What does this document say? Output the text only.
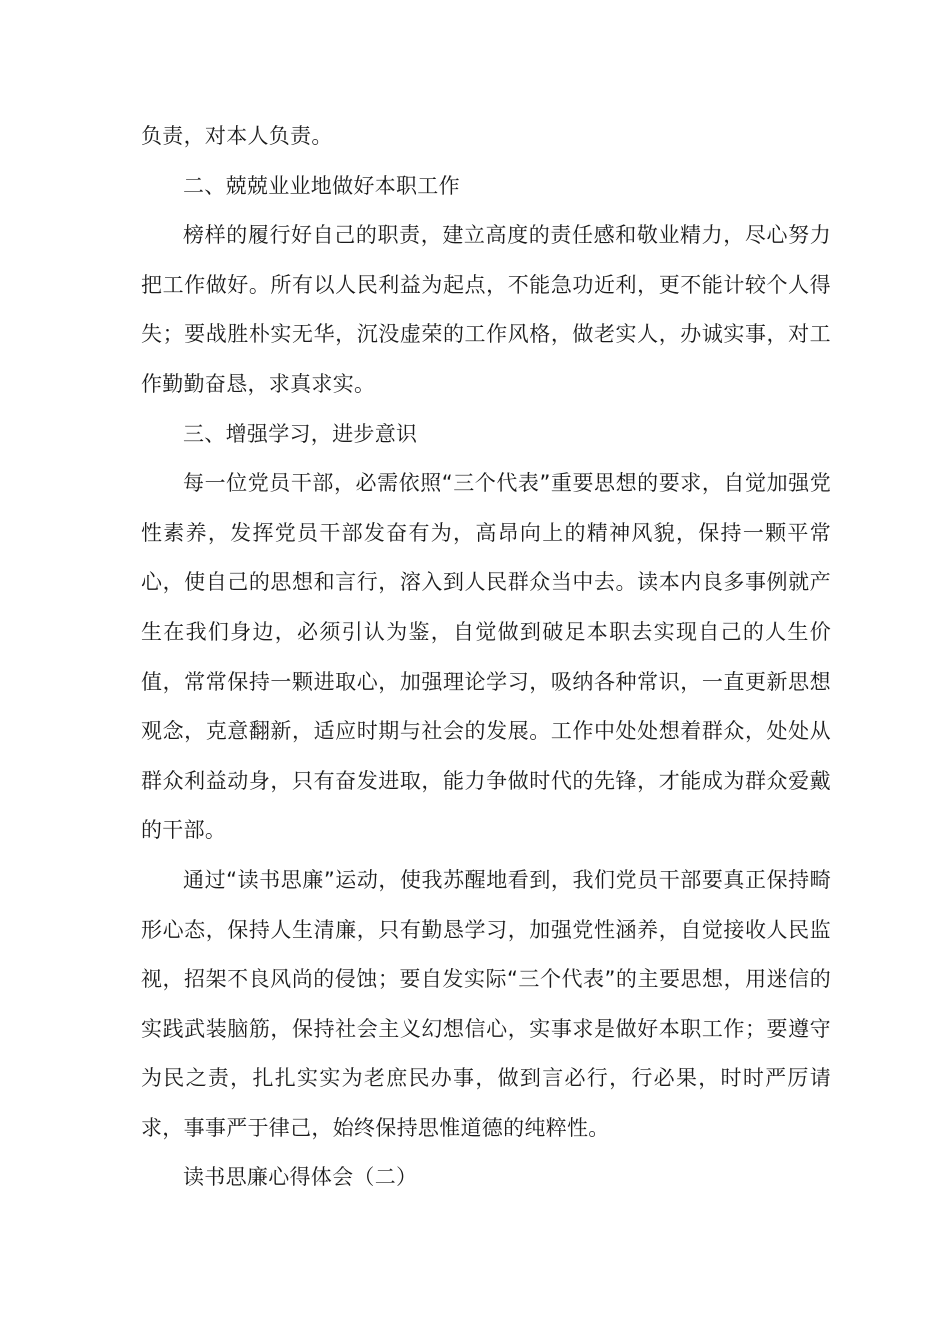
负责，对本人负责。

二、兢兢业业地做好本职工作

榜样的履行好自己的职责，建立高度的责任感和敬业精力，尽心努力把工作做好。所有以人民利益为起点，不能急功近利，更不能计较个人得失；要战胜朴实无华，沉没虚荣的工作风格，做老实人，办诚实事，对工作勤勤奋恳，求真求实。

三、增强学习，进步意识

每一位党员干部，必需依照“三个代表”重要思想的要求，自觉加强党性素养，发挥党员干部发奋有为，高昂向上的精神风貌，保持一颗平常心，使自己的思想和言行，溶入到人民群众当中去。读本内良多事例就产生在我们身边，必须引认为鉴，自觉做到破足本职去实现自己的人生价值，常常保持一颗进取心，加强理论学习，吸纳各种常识，一直更新思想观念，克意翻新，适应时期与社会的发展。工作中处处想着群众，处处从群众利益动身，只有奋发进取，能力争做时代的先锋，才能成为群众爱戴的干部。

通过“读书思廉”运动，使我苏醒地看到，我们党员干部要真正保持畸形心态，保持人生清廉，只有勤恳学习，加强党性涵养，自觉接收人民监视，招架不良风尚的侵蚀；要自发实际“三个代表”的主要思想，用迷信的实践武装脑筋，保持社会主义幻想信心，实事求是做好本职工作；要遵守为民之责，扎扎实实为老庶民办事，做到言必行，行必果，时时严厉请求，事事严于律己，始终保持思惟道德的纯粹性。

读书思廉心得体会（二）
